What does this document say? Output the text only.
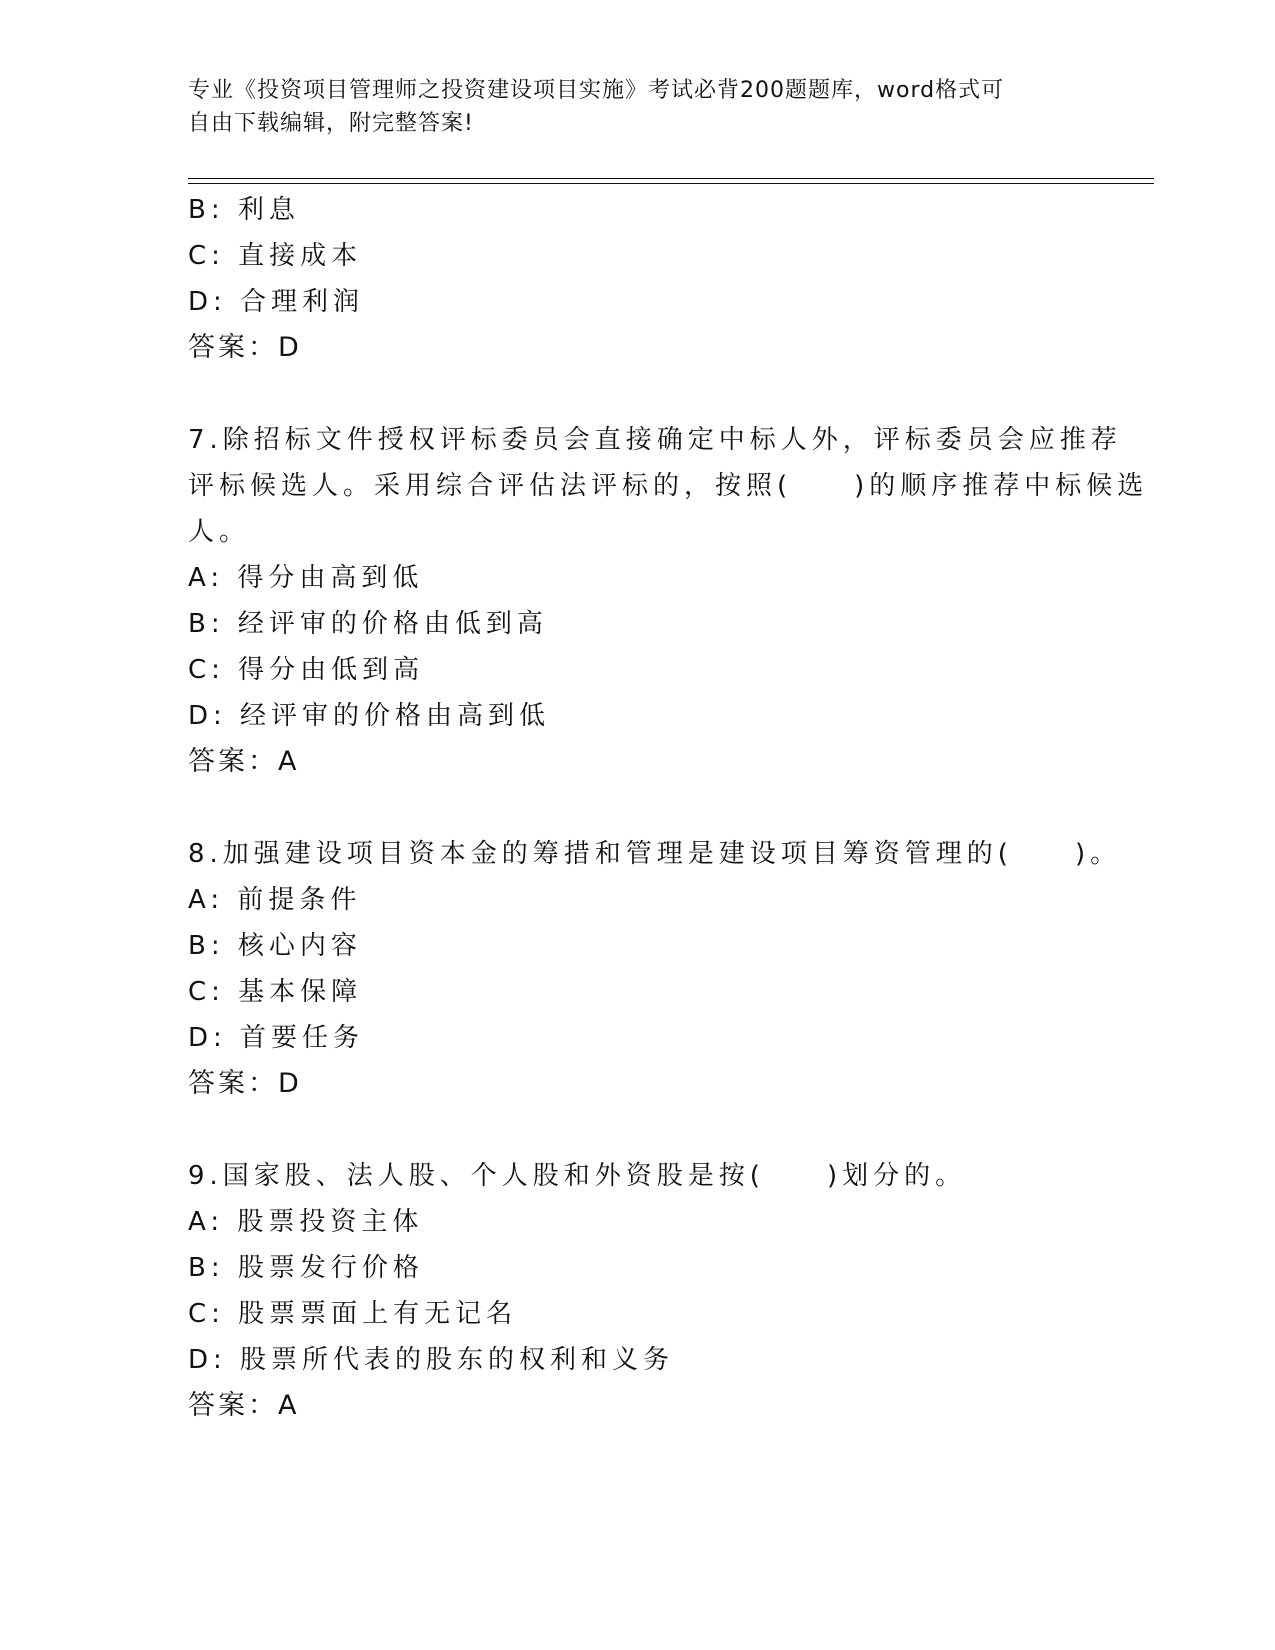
专业《投资项目管理师之投资建设项目实施》考试必背200题题库，word格式可
自由下载编辑，附完整答案!
B: 利息
C: 直接成本
D: 合理利润
答案：D
7.除招标文件授权评标委员会直接确定中标人外，评标委员会应推荐
评标候选人。采用综合评估法评标的，按照(　　)的顺序推荐中标候选
人。
A: 得分由高到低
B: 经评审的价格由低到高
C: 得分由低到高
D: 经评审的价格由高到低
答案：A
8.加强建设项目资本金的筹措和管理是建设项目筹资管理的(　　)。
A: 前提条件
B: 核心内容
C: 基本保障
D: 首要任务
答案：D
9.国家股、法人股、个人股和外资股是按(　　)划分的。
A: 股票投资主体
B: 股票发行价格
C: 股票票面上有无记名
D: 股票所代表的股东的权利和义务
答案：A
